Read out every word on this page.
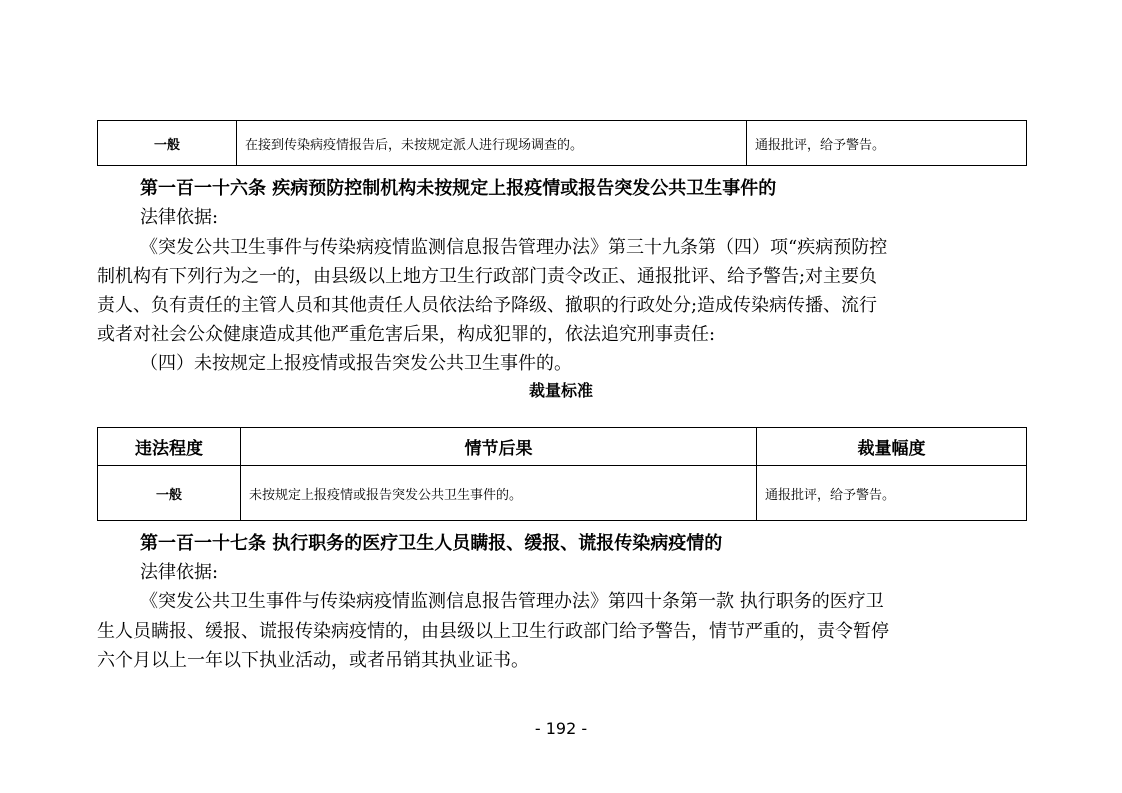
一般	在接到传染病疫情报告后，未按规定派人进行现场调查的。	通报批评，给予警告。
第一百一十六条 疾病预防控制机构未按规定上报疫情或报告突发公共卫生事件的
法律依据:
《突发公共卫生事件与传染病疫情监测信息报告管理办法》第三十九条第（四）项“疾病预防控
制机构有下列行为之一的，由县级以上地方卫生行政部门责令改正、通报批评、给予警告;对主要负
责人、负有责任的主管人员和其他责任人员依法给予降级、撤职的行政处分;造成传染病传播、流行
或者对社会公众健康造成其他严重危害后果，构成犯罪的，依法追究刑事责任:
（四）未按规定上报疫情或报告突发公共卫生事件的。
裁量标准
违法程度	情节后果	裁量幅度
一般	未按规定上报疫情或报告突发公共卫生事件的。	通报批评，给予警告。
第一百一十七条 执行职务的医疗卫生人员瞒报、缓报、谎报传染病疫情的
法律依据:
《突发公共卫生事件与传染病疫情监测信息报告管理办法》第四十条第一款 执行职务的医疗卫
生人员瞒报、缓报、谎报传染病疫情的，由县级以上卫生行政部门给予警告，情节严重的，责令暂停
六个月以上一年以下执业活动，或者吊销其执业证书。
- 192 -
